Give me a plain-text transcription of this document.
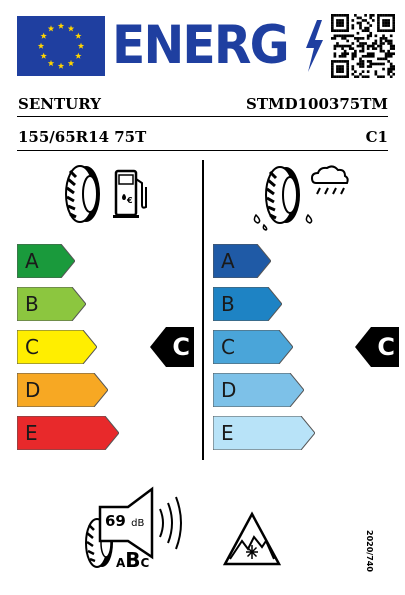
ENERG
SENTURY	STMD100375TM
155/65R14 75T	C1
€
A
B
C
D
E
A
B
C
D
E
C	C
69 dB
ABC	2020/740
